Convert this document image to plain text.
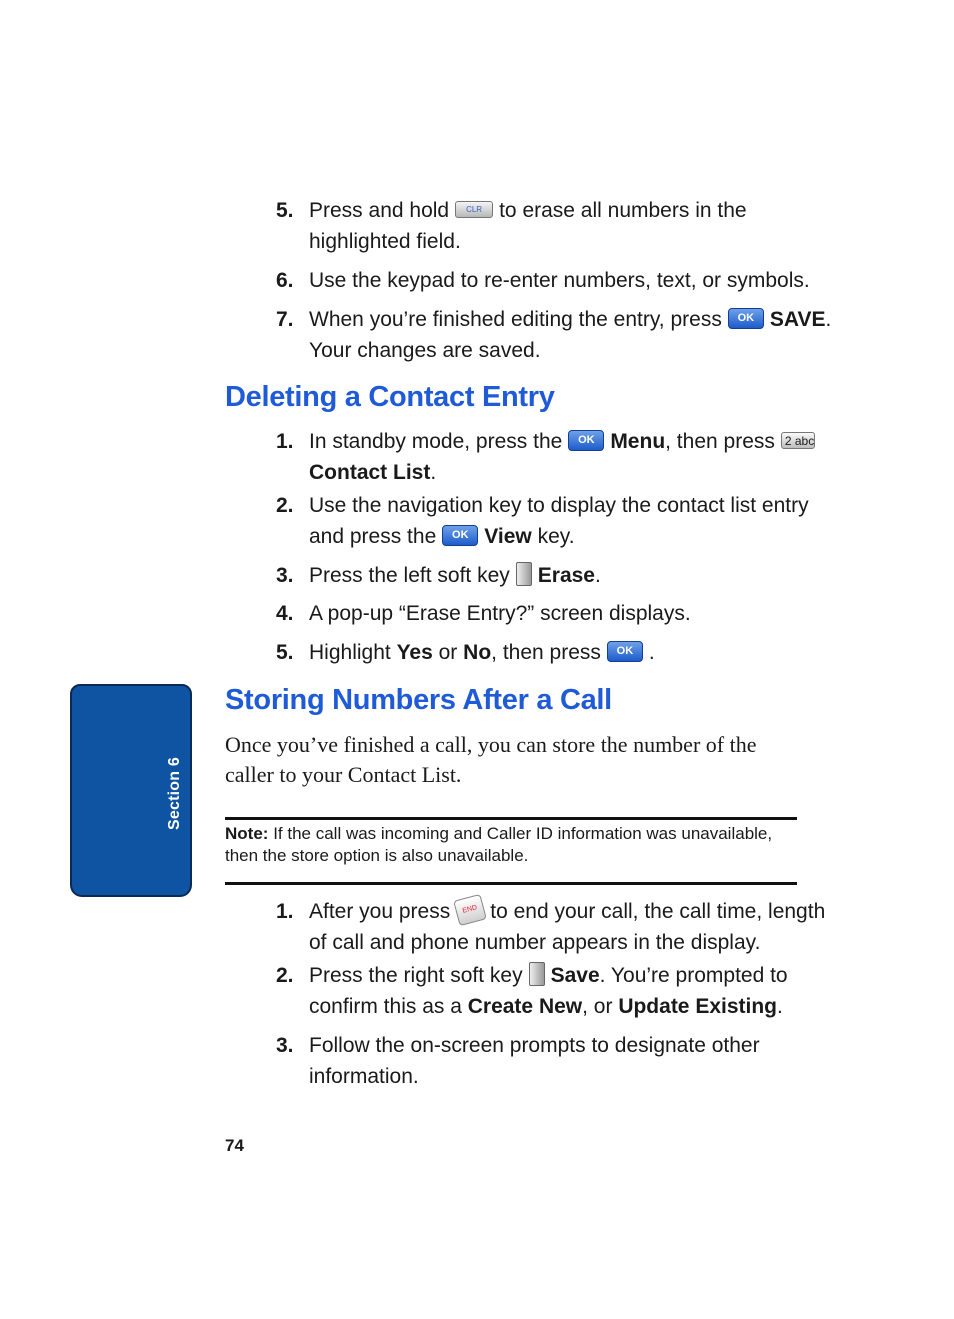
Section 6
5. Press and hold CLR to erase all numbers in the
highlighted field.
6. Use the keypad to re-enter numbers, text, or symbols.
7. When you’re finished editing the entry, press OK SAVE.
Your changes are saved.
Deleting a Contact Entry
1. In standby mode, press the OK Menu, then press 2 abc
Contact List.
2. Use the navigation key to display the contact list entry
and press the OK View key.
3. Press the left soft key Erase.
4. A pop-up “Erase Entry?” screen displays.
5. Highlight Yes or No, then press OK .
Storing Numbers After a Call
Once you’ve finished a call, you can store the number of the caller to your Contact List.
Note: If the call was incoming and Caller ID information was unavailable, then the store option is also unavailable.
1. After you press END to end your call, the call time, length
of call and phone number appears in the display.
2. Press the right soft key Save. You’re prompted to
confirm this as a Create New, or Update Existing.
3. Follow the on-screen prompts to designate other
information.
74
